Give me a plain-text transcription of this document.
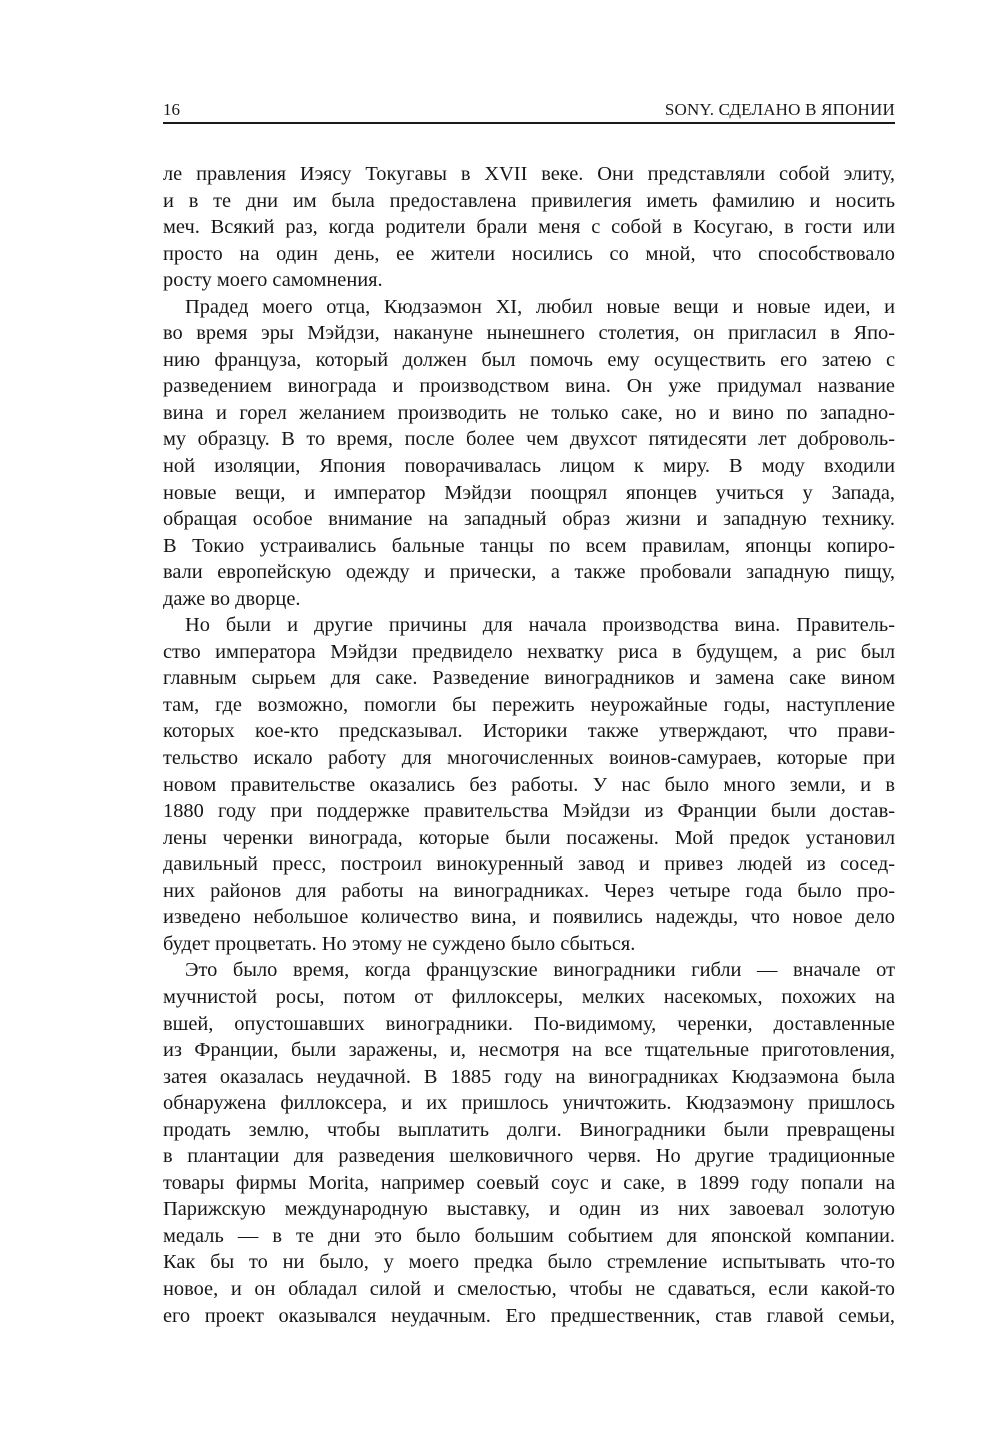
16	SONY. СДЕЛАНО В ЯПОНИИ
ле правления Иэясу Токугавы в XVII веке. Они представляли собой элиту,
и в те дни им была предоставлена привилегия иметь фамилию и носить
меч. Всякий раз, когда родители брали меня с собой в Косугаю, в гости или
просто на один день, ее жители носились со мной, что способствовало
росту моего самомнения.
Прадед моего отца, Кюдзаэмон XI, любил новые вещи и новые идеи, и
во время эры Мэйдзи, накануне нынешнего столетия, он пригласил в Япо-
нию француза, который должен был помочь ему осуществить его затею с
разведением винограда и производством вина. Он уже придумал название
вина и горел желанием производить не только саке, но и вино по западно-
му образцу. В то время, после более чем двухсот пятидесяти лет доброволь-
ной изоляции, Япония поворачивалась лицом к миру. В моду входили
новые вещи, и император Мэйдзи поощрял японцев учиться у Запада,
обращая особое внимание на западный образ жизни и западную технику.
В Токио устраивались бальные танцы по всем правилам, японцы копиро-
вали европейскую одежду и прически, а также пробовали западную пищу,
даже во дворце.
Но были и другие причины для начала производства вина. Правитель-
ство императора Мэйдзи предвидело нехватку риса в будущем, а рис был
главным сырьем для саке. Разведение виноградников и замена саке вином
там, где возможно, помогли бы пережить неурожайные годы, наступление
которых кое-кто предсказывал. Историки также утверждают, что прави-
тельство искало работу для многочисленных воинов-самураев, которые при
новом правительстве оказались без работы. У нас было много земли, и в
1880 году при поддержке правительства Мэйдзи из Франции были достав-
лены черенки винограда, которые были посажены. Мой предок установил
давильный пресс, построил винокуренный завод и привез людей из сосед-
них районов для работы на виноградниках. Через четыре года было про-
изведено небольшое количество вина, и появились надежды, что новое дело
будет процветать. Но этому не суждено было сбыться.
Это было время, когда французские виноградники гибли — вначале от
мучнистой росы, потом от филлоксеры, мелких насекомых, похожих на
вшей, опустошавших виноградники. По-видимому, черенки, доставленные
из Франции, были заражены, и, несмотря на все тщательные приготовления,
затея оказалась неудачной. В 1885 году на виноградниках Кюдзаэмона была
обнаружена филлоксера, и их пришлось уничтожить. Кюдзаэмону пришлось
продать землю, чтобы выплатить долги. Виноградники были превращены
в плантации для разведения шелковичного червя. Но другие традиционные
товары фирмы Morita, например соевый соус и саке, в 1899 году попали на
Парижскую международную выставку, и один из них завоевал золотую
медаль — в те дни это было большим событием для японской компании.
Как бы то ни было, у моего предка было стремление испытывать что-то
новое, и он обладал силой и смелостью, чтобы не сдаваться, если какой-то
его проект оказывался неудачным. Его предшественник, став главой семьи,
